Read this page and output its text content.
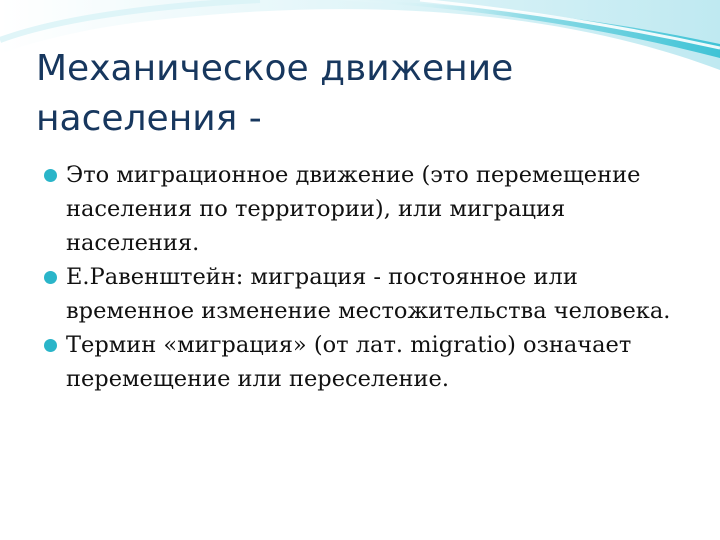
Механическое движение
населения -
Это миграционное движение (это перемещение населения по территории), или миграция населения.
Е.Равенштейн: миграция - постоянное или временное изменение местожительства человека.
Термин «миграция» (от лат. migratio) означает перемещение или переселение.
